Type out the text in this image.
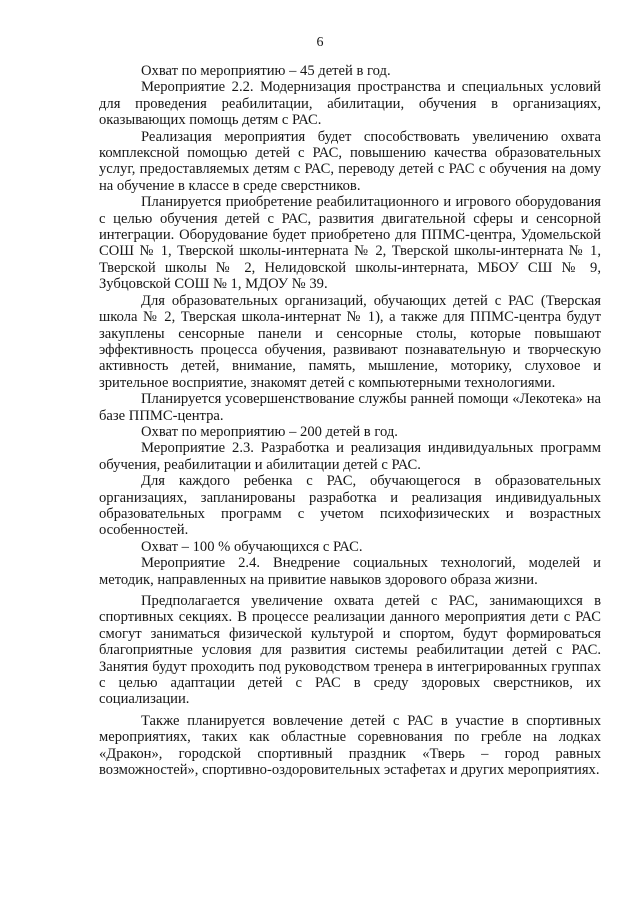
6

Охват по мероприятию – 45 детей в год.

Мероприятие 2.2. Модернизация пространства и специальных условий для проведения реабилитации, абилитации, обучения в организациях, оказывающих помощь детям с РАС.

Реализация мероприятия будет способствовать увеличению охвата комплексной помощью детей с РАС, повышению качества образовательных услуг, предоставляемых детям с РАС, переводу детей с РАС с обучения на дому на обучение в классе в среде сверстников.

Планируется приобретение реабилитационного и игрового оборудования с целью обучения детей с РАС, развития двигательной сферы и сенсорной интеграции. Оборудование будет приобретено для ППМС-центра, Удомельской СОШ № 1, Тверской школы-интерната № 2, Тверской школы-интерната № 1, Тверской школы № 2, Нелидовской школы-интерната, МБОУ СШ № 9, Зубцовской СОШ № 1, МДОУ № 39.

Для образовательных организаций, обучающих детей с РАС (Тверская школа № 2, Тверская школа-интернат № 1), а также для ППМС-центра будут закуплены сенсорные панели и сенсорные столы, которые повышают эффективность процесса обучения, развивают познавательную и творческую активность детей, внимание, память, мышление, моторику, слуховое и зрительное восприятие, знакомят детей с компьютерными технологиями.

Планируется усовершенствование службы ранней помощи «Лекотека» на базе ППМС-центра.

Охват по мероприятию – 200 детей в год.

Мероприятие 2.3. Разработка и реализация индивидуальных программ обучения, реабилитации и абилитации детей с РАС.

Для каждого ребенка с РАС, обучающегося в образовательных организациях, запланированы разработка и реализация индивидуальных образовательных программ с учетом психофизических и возрастных особенностей.

Охват – 100 % обучающихся с РАС.

Мероприятие 2.4. Внедрение социальных технологий, моделей и методик, направленных на привитие навыков здорового образа жизни.

Предполагается увеличение охвата детей с РАС, занимающихся в спортивных секциях. В процессе реализации данного мероприятия дети с РАС смогут заниматься физической культурой и спортом, будут формироваться благоприятные условия для развития системы реабилитации детей с РАС. Занятия будут проходить под руководством тренера в интегрированных группах с целью адаптации детей с РАС в среду здоровых сверстников, их социализации.

Также планируется вовлечение детей с РАС в участие в спортивных мероприятиях, таких как областные соревнования по гребле на лодках «Дракон», городской спортивный праздник «Тверь – город равных возможностей», спортивно-оздоровительных эстафетах и других мероприятиях.
